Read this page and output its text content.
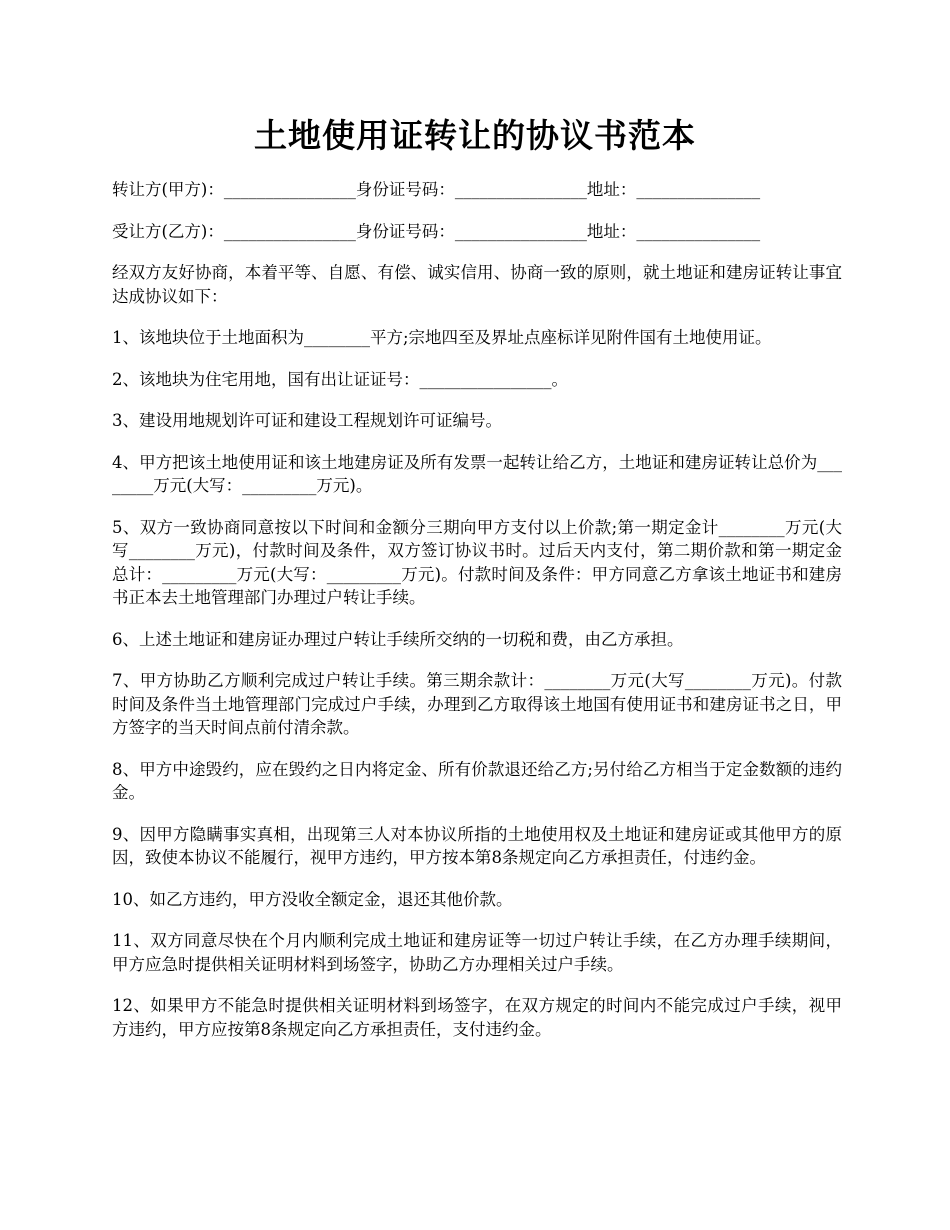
土地使用证转让的协议书范本

转让方(甲方)：________________身份证号码：________________地址：_______________

受让方(乙方)：________________身份证号码：________________地址：_______________

经双方友好协商，本着平等、自愿、有偿、诚实信用、协商一致的原则，就土地证和建房证转让事宜达成协议如下：

1、该地块位于土地面积为________平方;宗地四至及界址点座标详见附件国有土地使用证。

2、该地块为住宅用地，国有出让证证号：________________。

3、建设用地规划许可证和建设工程规划许可证编号。

4、甲方把该土地使用证和该土地建房证及所有发票一起转让给乙方，土地证和建房证转让总价为________万元(大写：_________万元)。

5、双方一致协商同意按以下时间和金额分三期向甲方支付以上价款;第一期定金计________万元(大写________万元)，付款时间及条件，双方签订协议书时。过后天内支付，第二期价款和第一期定金总计：_________万元(大写：_________万元)。付款时间及条件：甲方同意乙方拿该土地证书和建房书正本去土地管理部门办理过户转让手续。

6、上述土地证和建房证办理过户转让手续所交纳的一切税和费，由乙方承担。

7、甲方协助乙方顺利完成过户转让手续。第三期余款计：________万元(大写________万元)。付款时间及条件当土地管理部门完成过户手续，办理到乙方取得该土地国有使用证书和建房证书之日，甲方签字的当天时间点前付清余款。

8、甲方中途毁约，应在毁约之日内将定金、所有价款退还给乙方;另付给乙方相当于定金数额的违约金。

9、因甲方隐瞒事实真相，出现第三人对本协议所指的土地使用权及土地证和建房证或其他甲方的原因，致使本协议不能履行，视甲方违约，甲方按本第8条规定向乙方承担责任，付违约金。

10、如乙方违约，甲方没收全额定金，退还其他价款。

11、双方同意尽快在个月内顺利完成土地证和建房证等一切过户转让手续，在乙方办理手续期间，甲方应急时提供相关证明材料到场签字，协助乙方办理相关过户手续。

12、如果甲方不能急时提供相关证明材料到场签字，在双方规定的时间内不能完成过户手续，视甲方违约，甲方应按第8条规定向乙方承担责任，支付违约金。
